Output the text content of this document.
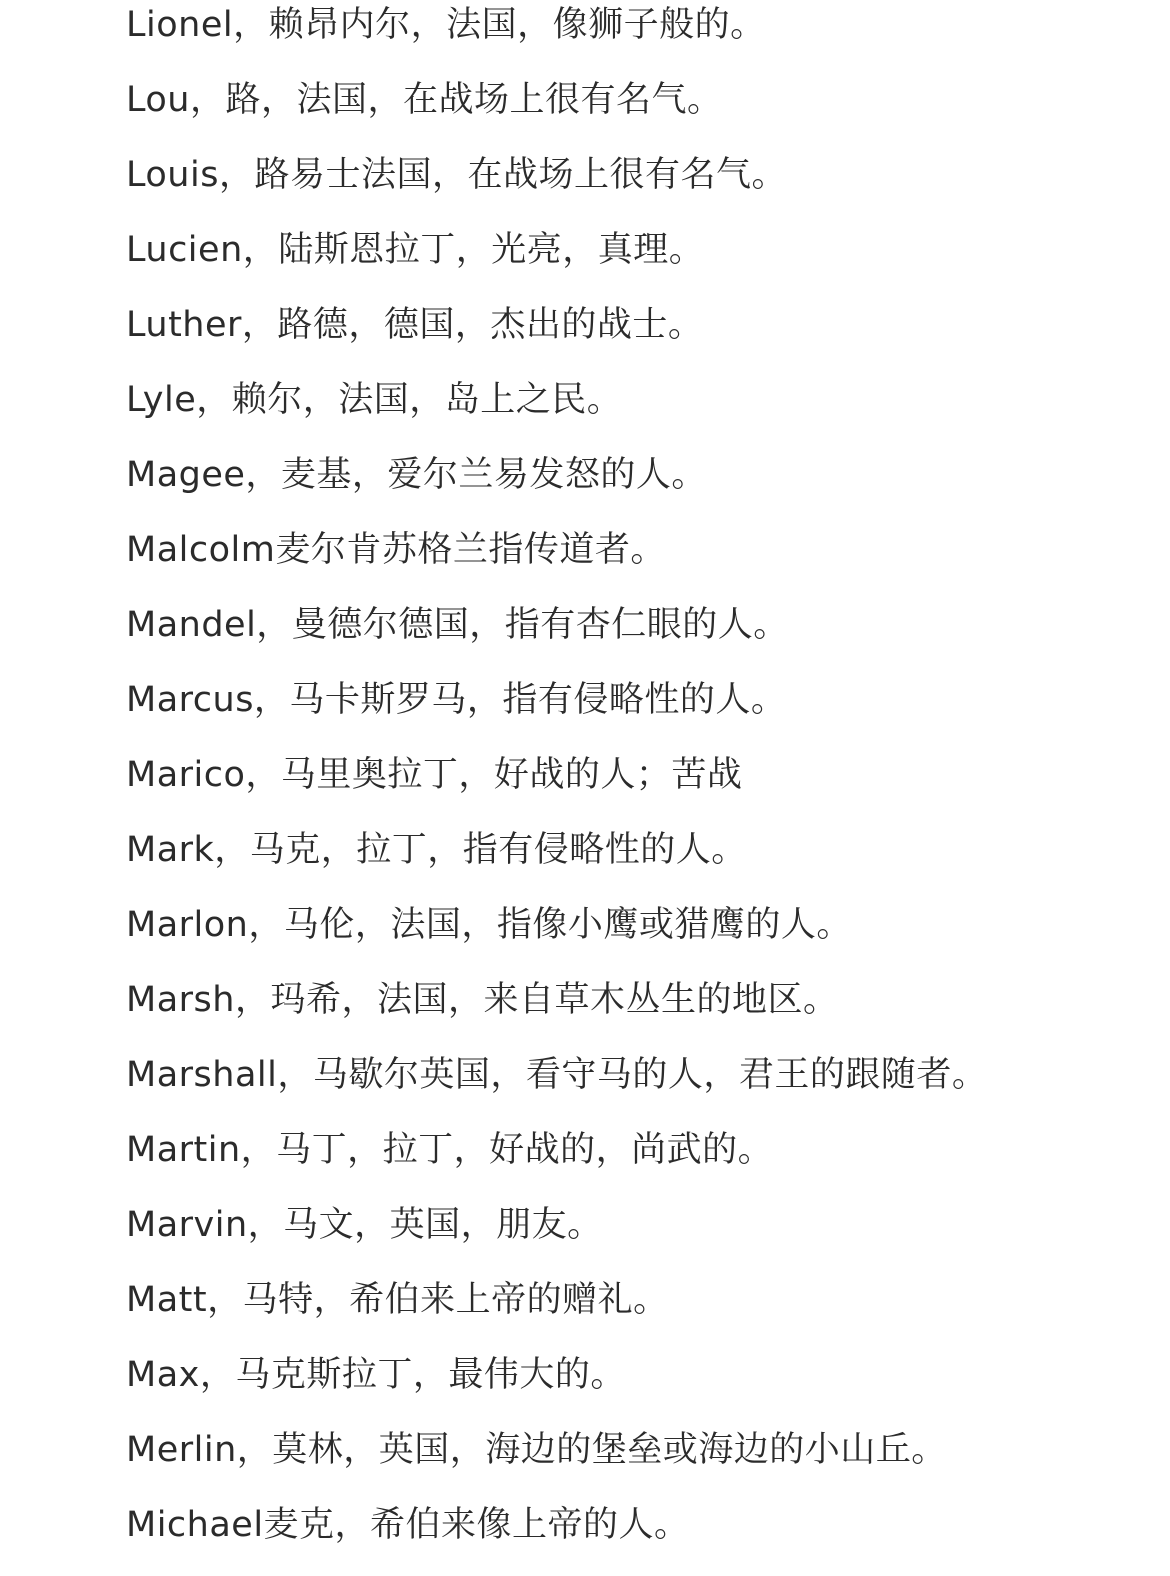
Lionel，赖昂内尔，法国，像狮子般的。
Lou，路，法国，在战场上很有名气。
Louis，路易士法国，在战场上很有名气。
Lucien，陆斯恩拉丁，光亮，真理。
Luther，路德，德国，杰出的战士。
Lyle，赖尔，法国，岛上之民。
Magee，麦基，爱尔兰易发怒的人。
Malcolm麦尔肯苏格兰指传道者。
Mandel，曼德尔德国，指有杏仁眼的人。
Marcus，马卡斯罗马，指有侵略性的人。
Marico，马里奥拉丁，好战的人；苦战
Mark，马克，拉丁，指有侵略性的人。
Marlon，马伦，法国，指像小鹰或猎鹰的人。
Marsh，玛希，法国，来自草木丛生的地区。
Marshall，马歇尔英国，看守马的人，君王的跟随者。
Martin，马丁，拉丁，好战的，尚武的。
Marvin，马文，英国，朋友。
Matt，马特，希伯来上帝的赠礼。
Max，马克斯拉丁，最伟大的。
Merlin，莫林，英国，海边的堡垒或海边的小山丘。
Michael麦克，希伯来像上帝的人。
